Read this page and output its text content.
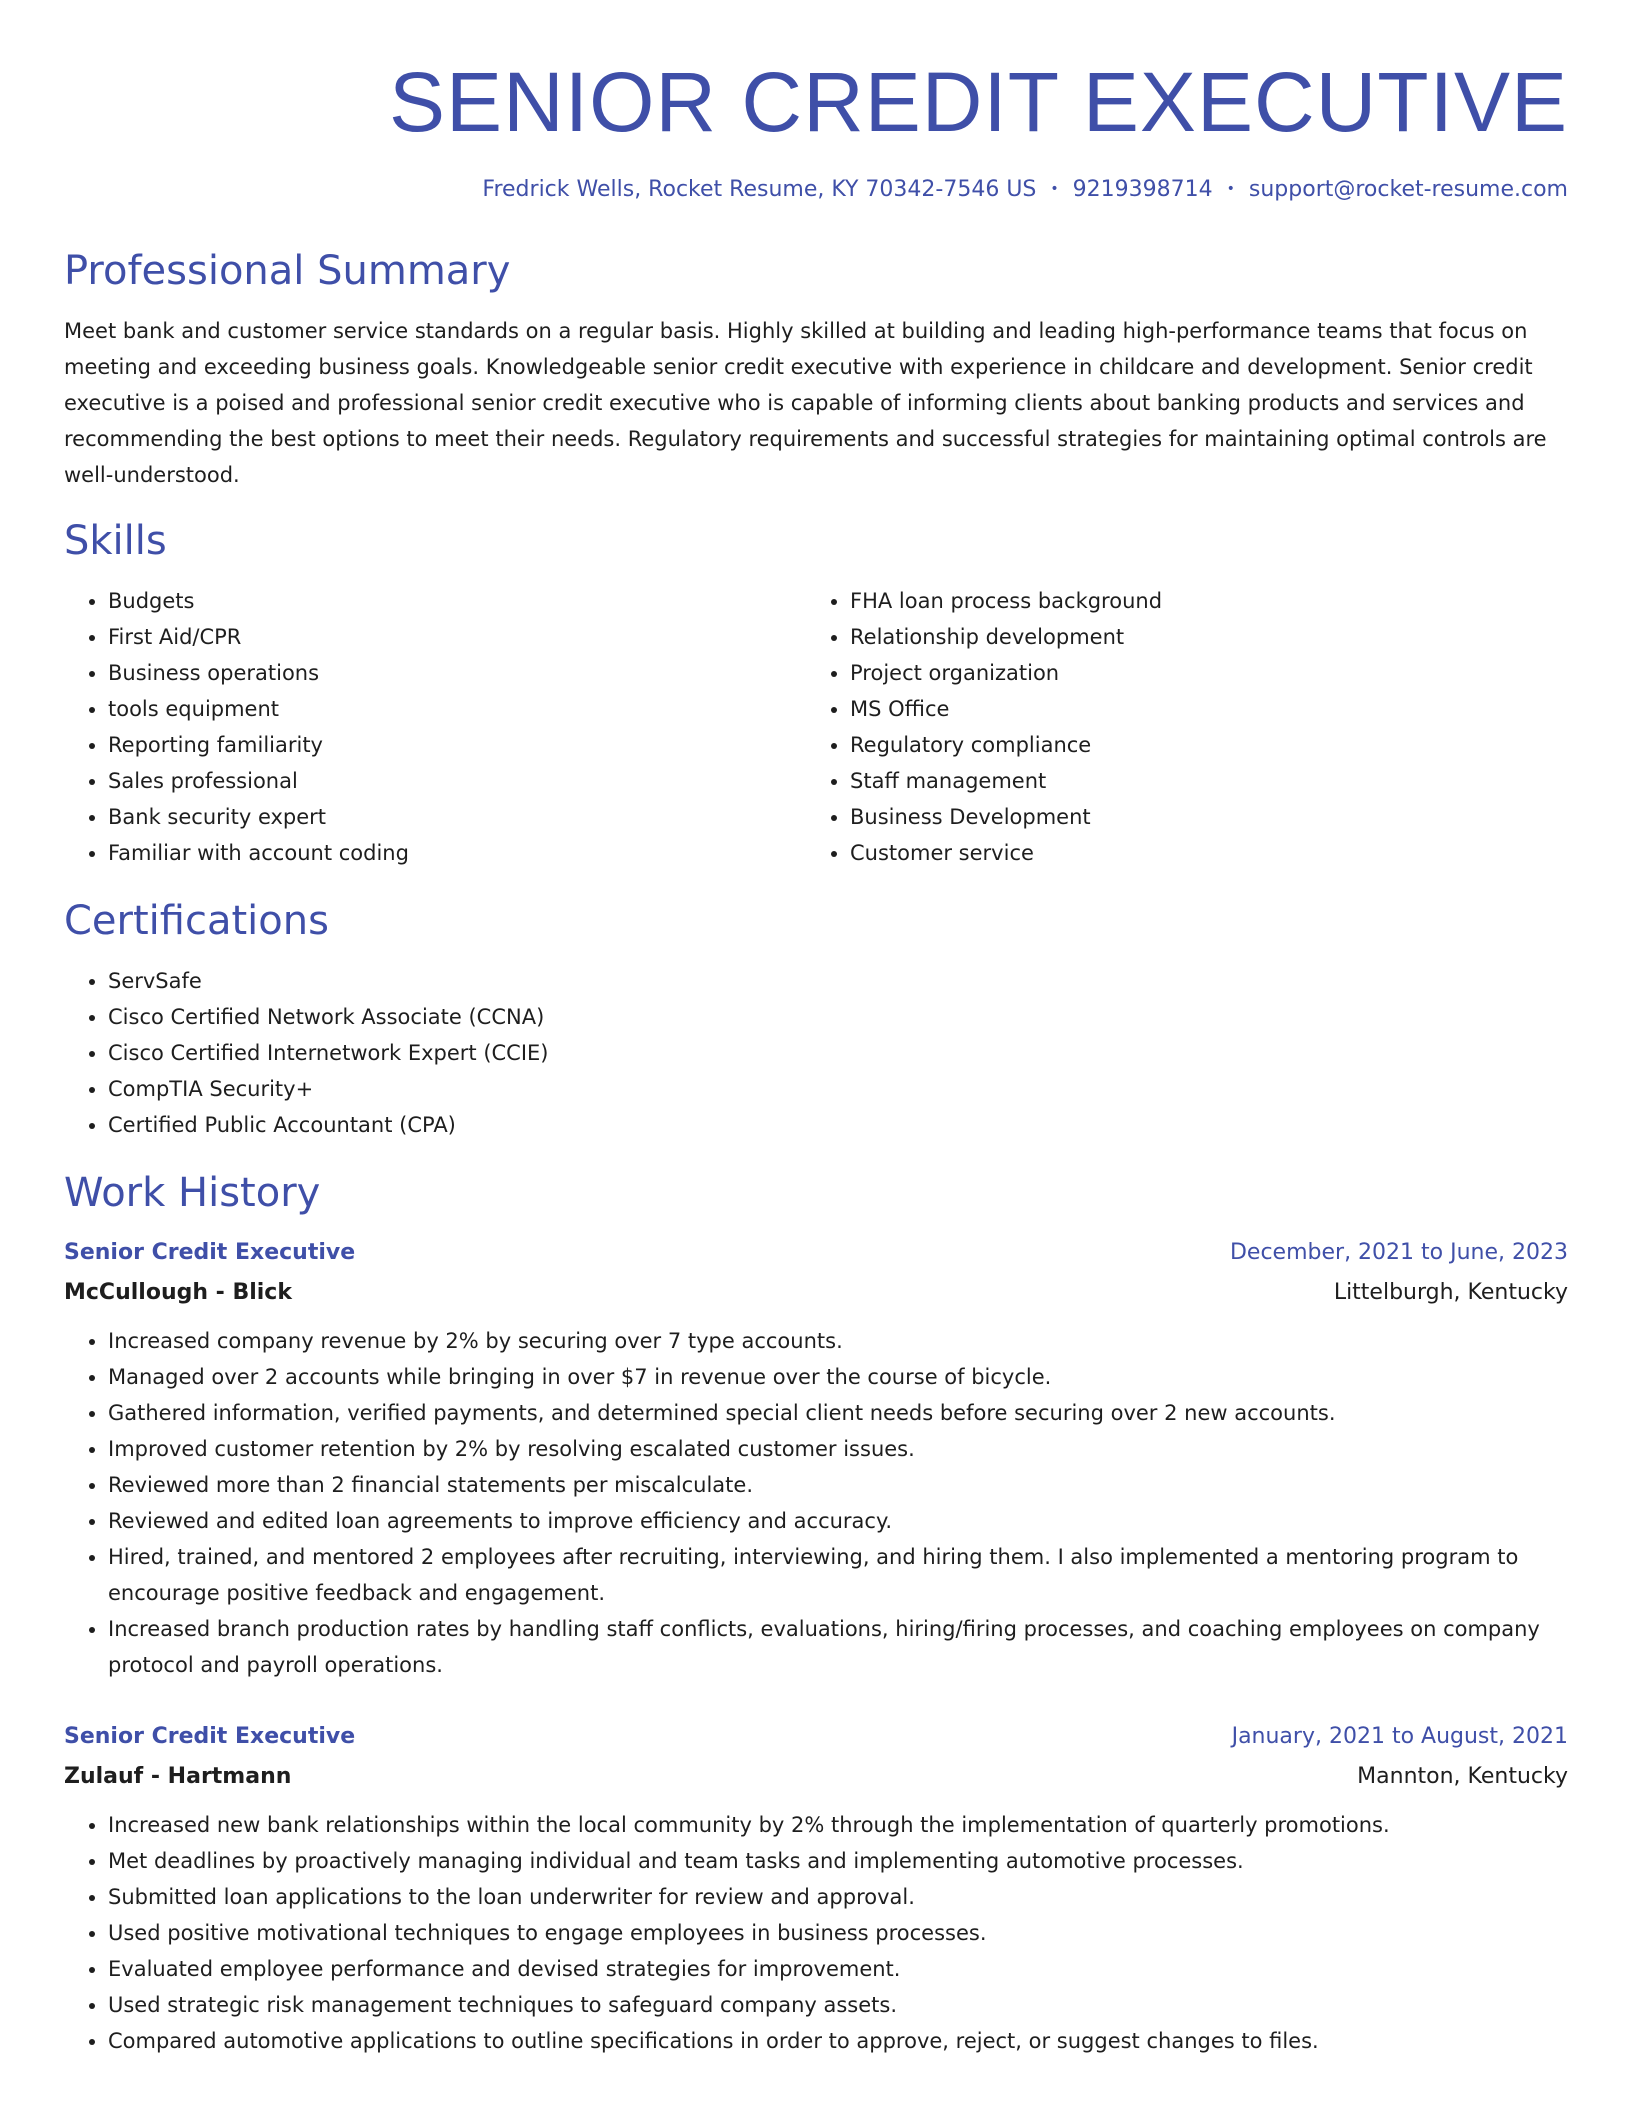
SENIOR CREDIT EXECUTIVE
Fredrick Wells, Rocket Resume, KY 70342-7546 US • 9219398714 • support@rocket-resume.com
Professional Summary

Meet bank and customer service standards on a regular basis. Highly skilled at building and leading high-performance teams that focus on meeting and exceeding business goals. Knowledgeable senior credit executive with experience in childcare and development. Senior credit executive is a poised and professional senior credit executive who is capable of informing clients about banking products and services and recommending the best options to meet their needs. Regulatory requirements and successful strategies for maintaining optimal controls are well-understood.

Skills
• Budgets
• First Aid/CPR
• Business operations
• tools equipment
• Reporting familiarity
• Sales professional
• Bank security expert
• Familiar with account coding
• FHA loan process background
• Relationship development
• Project organization
• MS Office
• Regulatory compliance
• Staff management
• Business Development
• Customer service
Certifications
• ServSafe
• Cisco Certified Network Associate (CCNA)
• Cisco Certified Internetwork Expert (CCIE)
• CompTIA Security+
• Certified Public Accountant (CPA)
Work History
Senior Credit Executive	December, 2021 to June, 2023
McCullough - Blick	Littelburgh, Kentucky
• Increased company revenue by 2% by securing over 7 type accounts.
• Managed over 2 accounts while bringing in over $7 in revenue over the course of bicycle.
• Gathered information, verified payments, and determined special client needs before securing over 2 new accounts.
• Improved customer retention by 2% by resolving escalated customer issues.
• Reviewed more than 2 financial statements per miscalculate.
• Reviewed and edited loan agreements to improve efficiency and accuracy.
• Hired, trained, and mentored 2 employees after recruiting, interviewing, and hiring them. I also implemented a mentoring program to encourage positive feedback and engagement.
• Increased branch production rates by handling staff conflicts, evaluations, hiring/firing processes, and coaching employees on company protocol and payroll operations.
Senior Credit Executive	January, 2021 to August, 2021
Zulauf - Hartmann	Mannton, Kentucky
• Increased new bank relationships within the local community by 2% through the implementation of quarterly promotions.
• Met deadlines by proactively managing individual and team tasks and implementing automotive processes.
• Submitted loan applications to the loan underwriter for review and approval.
• Used positive motivational techniques to engage employees in business processes.
• Evaluated employee performance and devised strategies for improvement.
• Used strategic risk management techniques to safeguard company assets.
• Compared automotive applications to outline specifications in order to approve, reject, or suggest changes to files.
